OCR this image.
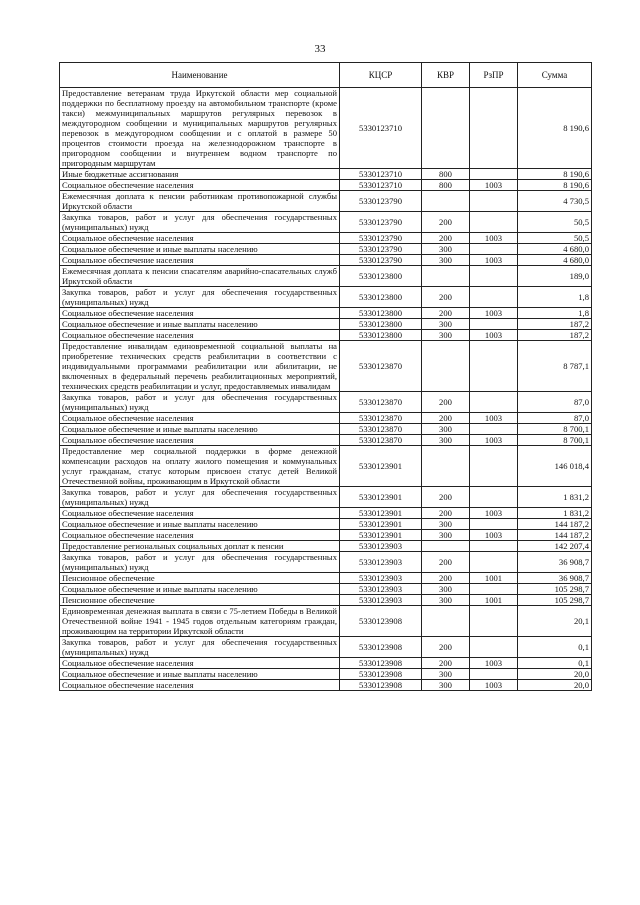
33
Наименование	КЦСР	КВР	РзПР	Сумма
Предоставление ветеранам труда Иркутской области мер социальной поддержки по бесплатному проезду на автомобильном транспорте (кроме такси) межмуниципальных маршрутов регулярных перевозок в междугородном сообщении и муниципальных маршрутов регулярных перевозок в междугородном сообщении и с оплатой в размере 50 процентов стоимости проезда на железнодорожном транспорте в пригородном сообщении и внутреннем водном транспорте по пригородным маршрутам	5330123710			8 190,6
Иные бюджетные ассигнования	5330123710	800		8 190,6
Социальное обеспечение населения	5330123710	800	1003	8 190,6
Ежемесячная доплата к пенсии работникам противопожарной службы Иркутской области	5330123790			4 730,5
Закупка товаров, работ и услуг для обеспечения государственных (муниципальных) нужд	5330123790	200		50,5
Социальное обеспечение населения	5330123790	200	1003	50,5
Социальное обеспечение и иные выплаты населению	5330123790	300		4 680,0
Социальное обеспечение населения	5330123790	300	1003	4 680,0
Ежемесячная доплата к пенсии спасателям аварийно-спасательных служб Иркутской области	5330123800			189,0
Закупка товаров, работ и услуг для обеспечения государственных (муниципальных) нужд	5330123800	200		1,8
Социальное обеспечение населения	5330123800	200	1003	1,8
Социальное обеспечение и иные выплаты населению	5330123800	300		187,2
Социальное обеспечение населения	5330123800	300	1003	187,2
Предоставление инвалидам единовременной социальной выплаты на приобретение технических средств реабилитации в соответствии с индивидуальными программами реабилитации или абилитации, не включенных в федеральный перечень реабилитационных мероприятий, технических средств реабилитации и услуг, предоставляемых инвалидам	5330123870			8 787,1
Закупка товаров, работ и услуг для обеспечения государственных (муниципальных) нужд	5330123870	200		87,0
Социальное обеспечение населения	5330123870	200	1003	87,0
Социальное обеспечение и иные выплаты населению	5330123870	300		8 700,1
Социальное обеспечение населения	5330123870	300	1003	8 700,1
Предоставление мер социальной поддержки в форме денежной компенсации расходов на оплату жилого помещения и коммунальных услуг гражданам, статус которым присвоен статус детей Великой Отечественной войны, проживающим в Иркутской области	5330123901			146 018,4
Закупка товаров, работ и услуг для обеспечения государственных (муниципальных) нужд	5330123901	200		1 831,2
Социальное обеспечение населения	5330123901	200	1003	1 831,2
Социальное обеспечение и иные выплаты населению	5330123901	300		144 187,2
Социальное обеспечение населения	5330123901	300	1003	144 187,2
Предоставление региональных социальных доплат к пенсии	5330123903			142 207,4
Закупка товаров, работ и услуг для обеспечения государственных (муниципальных) нужд	5330123903	200		36 908,7
Пенсионное обеспечение	5330123903	200	1001	36 908,7
Социальное обеспечение и иные выплаты населению	5330123903	300		105 298,7
Пенсионное обеспечение	5330123903	300	1001	105 298,7
Единовременная денежная выплата в связи с 75-летием Победы в Великой Отечественной войне 1941 - 1945 годов отдельным категориям граждан, проживающим на территории Иркутской области	5330123908			20,1
Закупка товаров, работ и услуг для обеспечения государственных (муниципальных) нужд	5330123908	200		0,1
Социальное обеспечение населения	5330123908	200	1003	0,1
Социальное обеспечение и иные выплаты населению	5330123908	300		20,0
Социальное обеспечение населения	5330123908	300	1003	20,0
